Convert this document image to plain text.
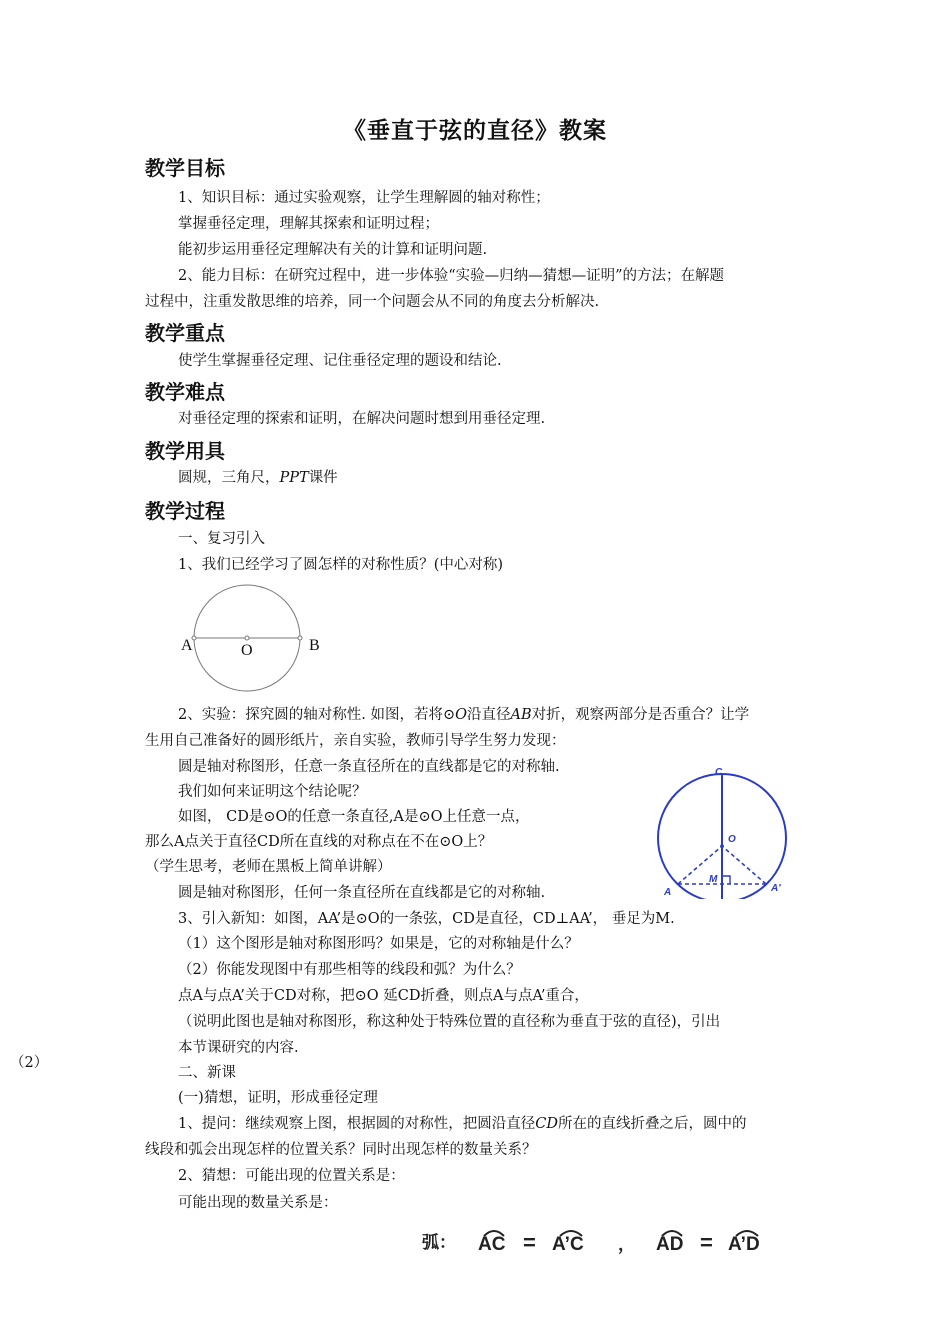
《垂直于弦的直径》教案
教学目标
1、知识目标：通过实验观察，让学生理解圆的轴对称性；
掌握垂径定理，理解其探索和证明过程；
能初步运用垂径定理解决有关的计算和证明问题.
2、能力目标：在研究过程中，进一步体验“实验—归纳—猜想—证明”的方法；在解题
过程中，注重发散思维的培养，同一个问题会从不同的角度去分析解决.
教学重点
使学生掌握垂径定理、记住垂径定理的题设和结论.
教学难点
对垂径定理的探索和证明，在解决问题时想到用垂径定理.
教学用具
圆规，三角尺，PPT课件
教学过程
一、复习引入
1、我们已经学习了圆怎样的对称性质？(中心对称)
A	O	B
2、实验：探究圆的轴对称性. 如图，若将⊙O沿直径AB对折，观察两部分是否重合？让学
生用自己准备好的圆形纸片，亲自实验，教师引导学生努力发现：
圆是轴对称图形，任意一条直径所在的直线都是它的对称轴.
我们如何来证明这个结论呢？
如图， CD是⊙O的任意一条直径,A是⊙O上任意一点，
那么A点关于直径CD所在直线的对称点在不在⊙O上？
（学生思考，老师在黑板上简单讲解）
圆是轴对称图形，任何一条直径所在直线都是它的对称轴.
C
O
M
A	A'
3、引入新知：如图，AA’是⊙O的一条弦，CD是直径，CD⊥AA’， 垂足为M.
（1）这个图形是轴对称图形吗？如果是，它的对称轴是什么？
（2）你能发现图中有那些相等的线段和弧？为什么？
点A与点A’关于CD对称，把⊙O 延CD折叠，则点A与点A’重合，
（说明此图也是轴对称图形，称这种处于特殊位置的直径称为垂直于弦的直径)，引出
本节课研究的内容.
（2）
二、新课
(一)猜想，证明，形成垂径定理
1、提问：继续观察上图，根据圆的对称性，把圆沿直径CD所在的直线折叠之后，圆中的
线段和弧会出现怎样的位置关系？同时出现怎样的数量关系？
2、猜想：可能出现的位置关系是：
可能出现的数量关系是：
弧： AC = A’C ， AD = A’D
